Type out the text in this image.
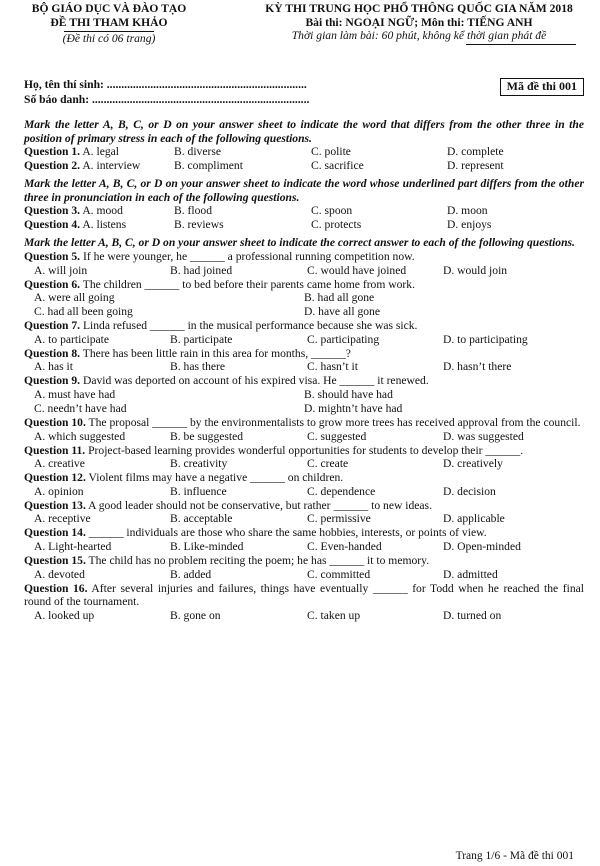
BỘ GIÁO DỤC VÀ ĐÀO TẠO
ĐỀ THI THAM KHẢO
(Đề thi có 06 trang)
KỲ THI TRUNG HỌC PHỔ THÔNG QUỐC GIA NĂM 2018
Bài thi: NGOẠI NGỮ; Môn thi: TIẾNG ANH
Thời gian làm bài: 60 phút, không kể thời gian phát đề
Họ, tên thí sinh: .....................................................................
Số báo danh: ...........................................................................
Mã đề thi 001
Mark the letter A, B, C, or D on your answer sheet to indicate the word that differs from the other three in the position of primary stress in each of the following questions.
Question 1. A. legal	B. diverse	C. polite	D. complete
Question 2. A. interview	B. compliment	C. sacrifice	D. represent
Mark the letter A, B, C, or D on your answer sheet to indicate the word whose underlined part differs from the other three in pronunciation in each of the following questions.
Question 3. A. mood	B. flood	C. spoon	D. moon
Question 4. A. listens	B. reviews	C. protects	D. enjoys
Mark the letter A, B, C, or D on your answer sheet to indicate the correct answer to each of the following questions.
Question 5. If he were younger, he ______ a professional running competition now.
A. will join	B. had joined	C. would have joined	D. would join
Question 6. The children ______ to bed before their parents came home from work.
A. were all going	B. had all gone
C. had all been going	D. have all gone
Question 7. Linda refused ______ in the musical performance because she was sick.
A. to participate	B. participate	C. participating	D. to participating
Question 8. There has been little rain in this area for months, ______?
A. has it	B. has there	C. hasn’t it	D. hasn’t there
Question 9. David was deported on account of his expired visa. He ______ it renewed.
A. must have had	B. should have had
C. needn’t have had	D. mightn’t have had
Question 10. The proposal ______ by the environmentalists to grow more trees has received approval from the council.
A. which suggested	B. be suggested	C. suggested	D. was suggested
Question 11. Project-based learning provides wonderful opportunities for students to develop their ______.
A. creative	B. creativity	C. create	D. creatively
Question 12. Violent films may have a negative ______ on children.
A. opinion	B. influence	C. dependence	D. decision
Question 13. A good leader should not be conservative, but rather ______ to new ideas.
A. receptive	B. acceptable	C. permissive	D. applicable
Question 14. ______ individuals are those who share the same hobbies, interests, or points of view.
A. Light-hearted	B. Like-minded	C. Even-handed	D. Open-minded
Question 15. The child has no problem reciting the poem; he has ______ it to memory.
A. devoted	B. added	C. committed	D. admitted
Question 16. After several injuries and failures, things have eventually ______ for Todd when he reached the final round of the tournament.
A. looked up	B. gone on	C. taken up	D. turned on
Trang 1/6 - Mã đề thi 001
